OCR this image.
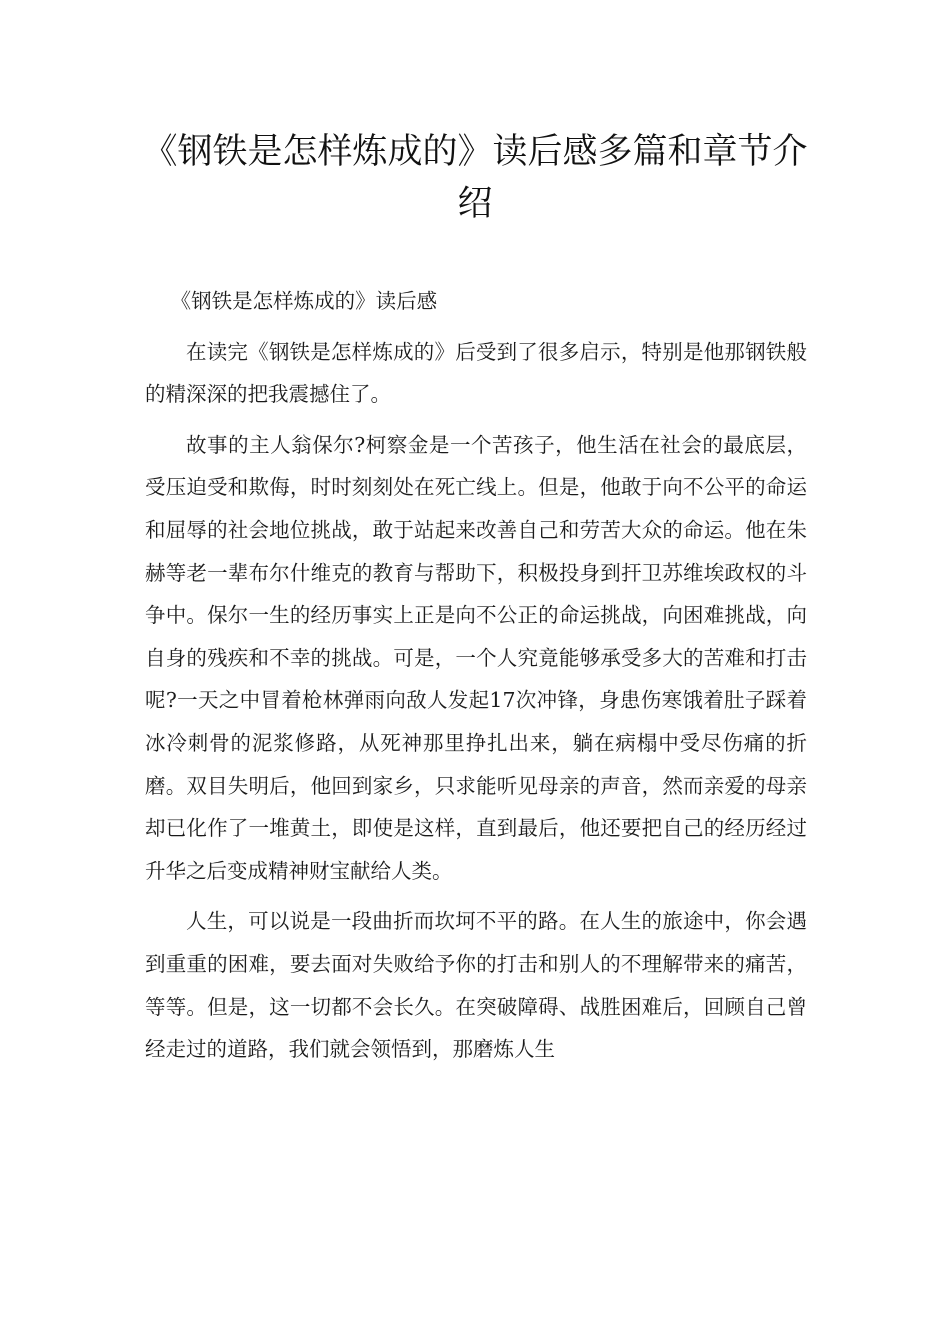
《钢铁是怎样炼成的》读后感多篇和章节介绍

《钢铁是怎样炼成的》读后感

在读完《钢铁是怎样炼成的》后受到了很多启示，特别是他那钢铁般的精深深的把我震撼住了。

故事的主人翁保尔?柯察金是一个苦孩子，他生活在社会的最底层，受压迫受和欺侮，时时刻刻处在死亡线上。但是，他敢于向不公平的命运和屈辱的社会地位挑战，敢于站起来改善自己和劳苦大众的命运。他在朱赫等老一辈布尔什维克的教育与帮助下，积极投身到扞卫苏维埃政权的斗争中。保尔一生的经历事实上正是向不公正的命运挑战，向困难挑战，向自身的残疾和不幸的挑战。可是，一个人究竟能够承受多大的苦难和打击呢?一天之中冒着枪林弹雨向敌人发起17次冲锋，身患伤寒饿着肚子踩着冰冷刺骨的泥浆修路，从死神那里挣扎出来，躺在病榻中受尽伤痛的折磨。双目失明后，他回到家乡，只求能听见母亲的声音，然而亲爱的母亲却已化作了一堆黄土，即使是这样，直到最后，他还要把自己的经历经过升华之后变成精神财宝献给人类。

人生，可以说是一段曲折而坎坷不平的路。在人生的旅途中，你会遇到重重的困难，要去面对失败给予你的打击和别人的不理解带来的痛苦，等等。但是，这一切都不会长久。在突破障碍、战胜困难后，回顾自己曾经走过的道路，我们就会领悟到，那磨炼人生
